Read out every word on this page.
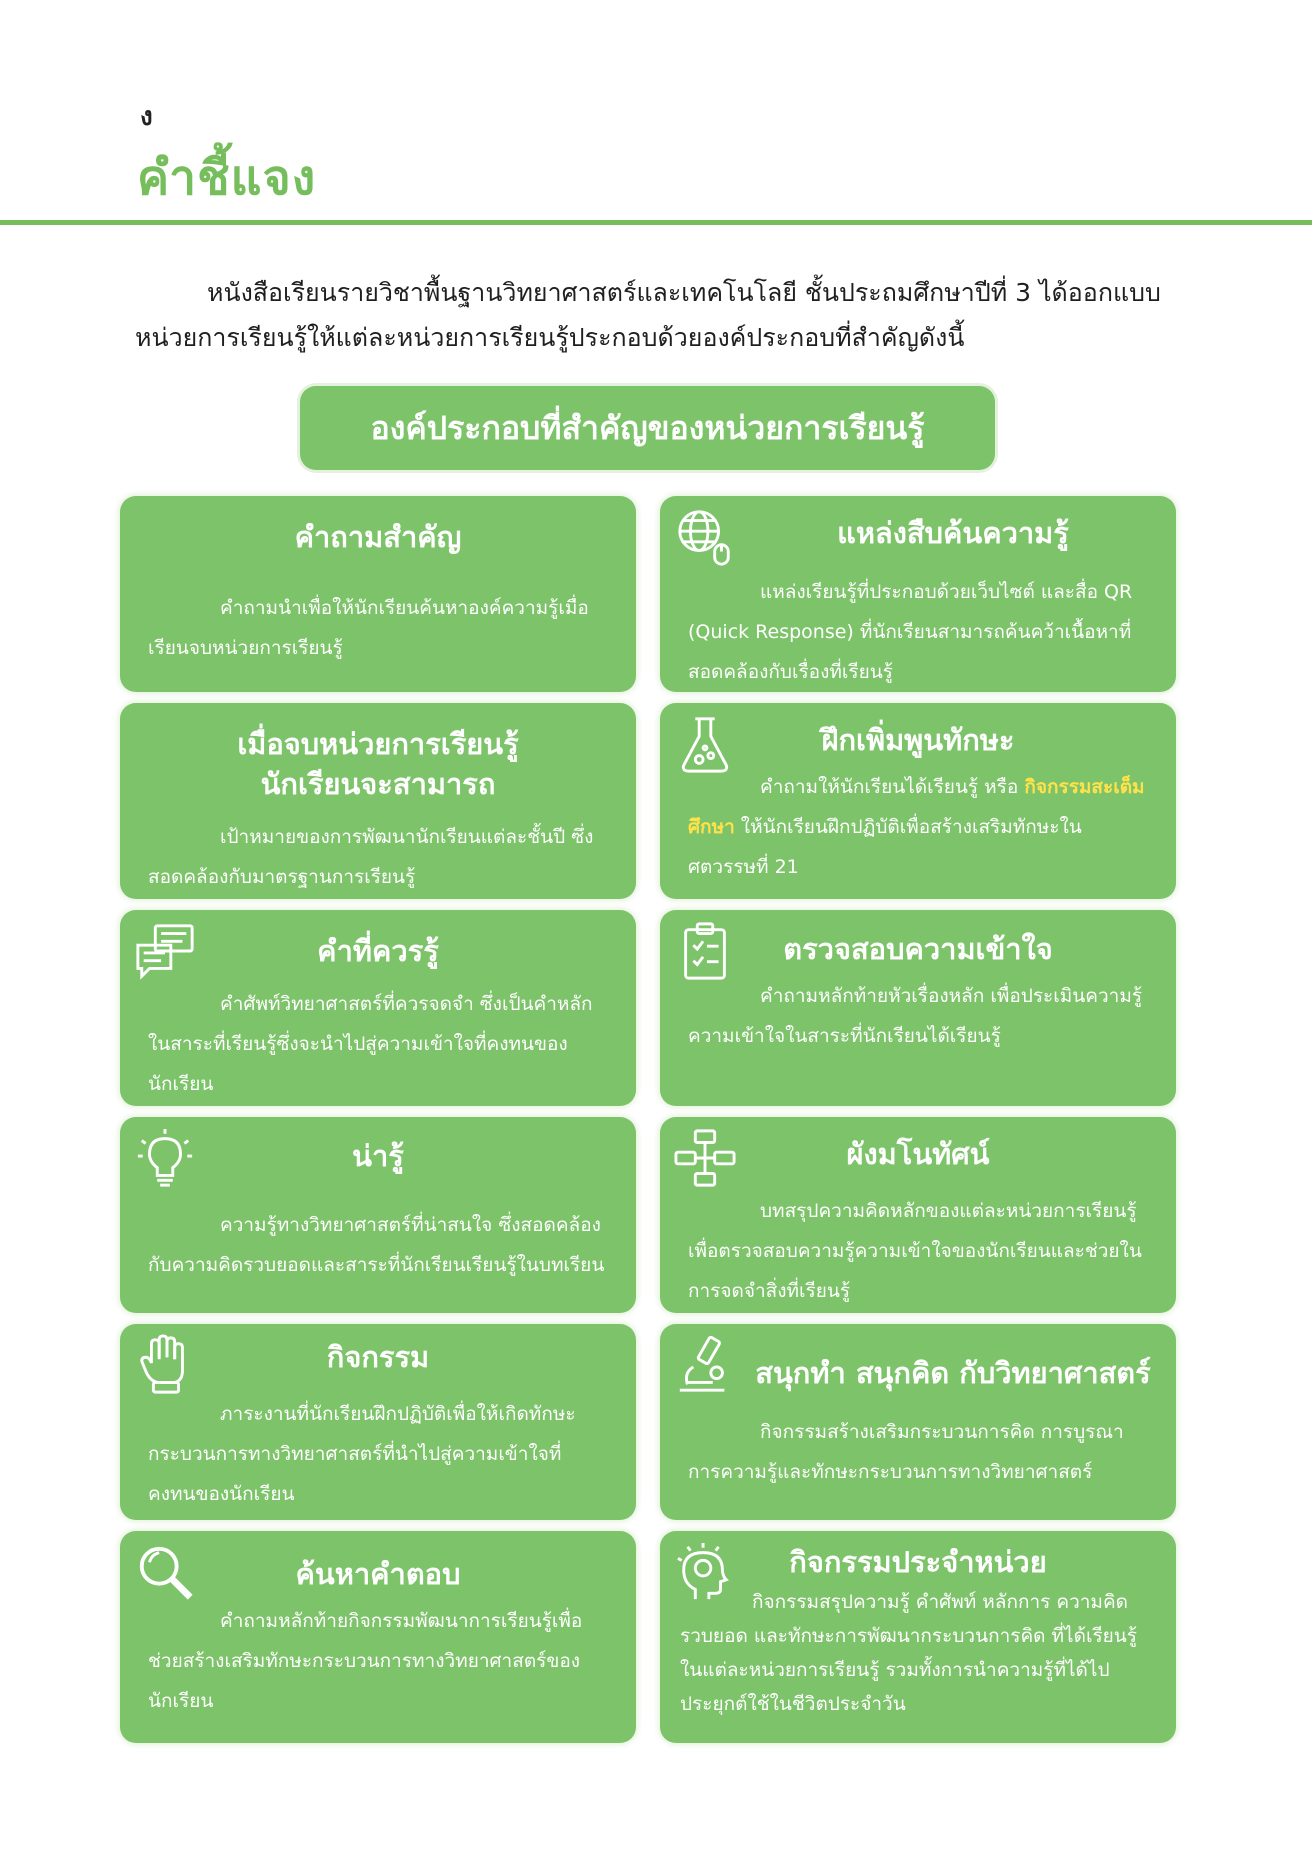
ง
คำชี้แจง

หนังสือเรียนรายวิชาพื้นฐานวิทยาศาสตร์และเทคโนโลยี ชั้นประถมศึกษาปีที่ 3 ได้ออกแบบ

หน่วยการเรียนรู้ให้แต่ละหน่วยการเรียนรู้ประกอบด้วยองค์ประกอบที่สำคัญดังนี้

องค์ประกอบที่สำคัญของหน่วยการเรียนรู้
คำถามสำคัญ
คำถามนำเพื่อให้นักเรียนค้นหาองค์ความรู้เมื่อเรียนจบหน่วยการเรียนรู้
แหล่งสืบค้นความรู้
แหล่งเรียนรู้ที่ประกอบด้วยเว็บไซต์ และสื่อ QR (Quick Response) ที่นักเรียนสามารถค้นคว้าเนื้อหาที่สอดคล้องกับเรื่องที่เรียนรู้
เมื่อจบหน่วยการเรียนรู้
นักเรียนจะสามารถ
เป้าหมายของการพัฒนานักเรียนแต่ละชั้นปี ซึ่งสอดคล้องกับมาตรฐานการเรียนรู้
ฝึกเพิ่มพูนทักษะ
คำถามให้นักเรียนได้เรียนรู้ หรือ กิจกรรมสะเต็มศึกษา ให้นักเรียนฝึกปฏิบัติเพื่อสร้างเสริมทักษะในศตวรรษที่ 21
คำที่ควรรู้
คำศัพท์วิทยาศาสตร์ที่ควรจดจำ ซึ่งเป็นคำหลักในสาระที่เรียนรู้ซึ่งจะนำไปสู่ความเข้าใจที่คงทนของนักเรียน
ตรวจสอบความเข้าใจ
คำถามหลักท้ายหัวเรื่องหลัก เพื่อประเมินความรู้ความเข้าใจในสาระที่นักเรียนได้เรียนรู้
น่ารู้
ความรู้ทางวิทยาศาสตร์ที่น่าสนใจ ซึ่งสอดคล้องกับความคิดรวบยอดและสาระที่นักเรียนเรียนรู้ในบทเรียน
ผังมโนทัศน์
บทสรุปความคิดหลักของแต่ละหน่วยการเรียนรู้ เพื่อตรวจสอบความรู้ความเข้าใจของนักเรียนและช่วยในการจดจำสิ่งที่เรียนรู้
กิจกรรม
ภาระงานที่นักเรียนฝึกปฏิบัติเพื่อให้เกิดทักษะกระบวนการทางวิทยาศาสตร์ที่นำไปสู่ความเข้าใจที่คงทนของนักเรียน
สนุกทำ สนุกคิด กับวิทยาศาสตร์
กิจกรรมสร้างเสริมกระบวนการคิด การบูรณาการความรู้และทักษะกระบวนการทางวิทยาศาสตร์
ค้นหาคำตอบ
คำถามหลักท้ายกิจกรรมพัฒนาการเรียนรู้เพื่อช่วยสร้างเสริมทักษะกระบวนการทางวิทยาศาสตร์ของนักเรียน
กิจกรรมประจำหน่วย
กิจกรรมสรุปความรู้ คำศัพท์ หลักการ ความคิดรวบยอด และทักษะการพัฒนากระบวนการคิด ที่ได้เรียนรู้ในแต่ละหน่วยการเรียนรู้ รวมทั้งการนำความรู้ที่ได้ไปประยุกต์ใช้ในชีวิตประจำวัน
